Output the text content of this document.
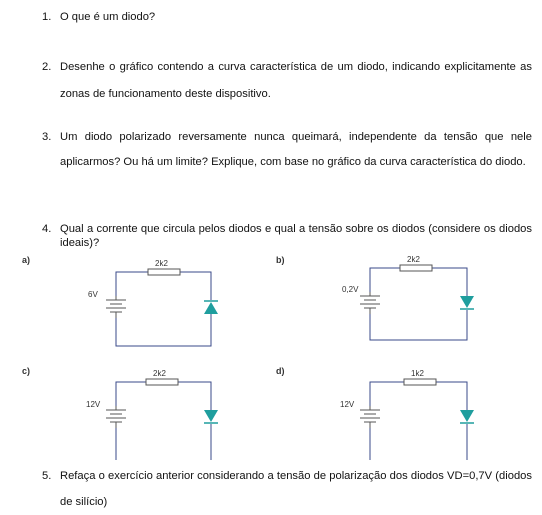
1. O que é um diodo?
2. Desenhe o gráfico contendo a curva característica de um diodo, indicando explicitamente as zonas de funcionamento deste dispositivo.
3. Um diodo polarizado reversamente nunca queimará, independente da tensão que nele aplicarmos? Ou há um limite? Explique, com base no gráfico da curva característica do diodo.
4. Qual a corrente que circula pelos diodos e qual a tensão sobre os diodos (considere os diodos ideais)?
a)	b)
c)	d)
2k2
6V
2k2
0,2V
2k2
12V
1k2
12V
5. Refaça o exercício anterior considerando a tensão de polarização dos diodos VD=0,7V (diodos de silício)
